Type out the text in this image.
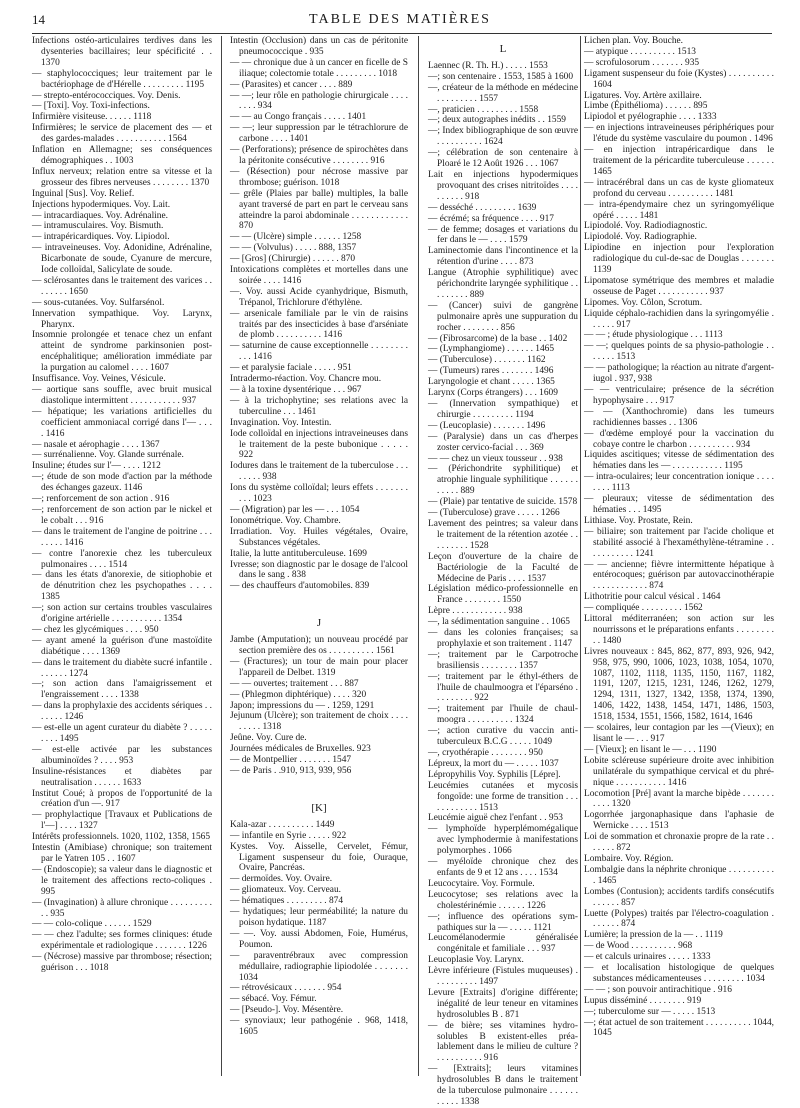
14	TABLE DES MATIÈRES

Infections ostéo-articulaires terdives dans les dysenteries bacillaires; leur spécificité . . 1370

— staphylococciques; leur traitement par le bactériophage de d'Hérelle . . . . . . . . . 1195

— strepto-entérococciques. Voy. Denis.

— [Toxi]. Voy. Toxi-infections.

Infirmière visiteuse. . . . . . 1118

Infirmières; le service de placement des — et des gardes-malades . . . . . . . . . . . 1564

Inflation en Allemagne; ses conséquences démographiques . . 1003

Influx nerveux; relation entre sa vitesse et la grosseur des fibres nerveuses . . . . . . . . 1370

Inguinal [Sus]. Voy. Relief.

Injections hypodermiques. Voy. Lait.

— intracardiaques. Voy. Adrénaline.

— intramusculaires. Voy. Bismuth.

— intrapéricardiques. Voy. Lipiodol.

— intraveineuses. Voy. Adonidine, Adrénaline, Bicarbonate de soude, Cyanure de mercure, Iode colloïdal, Salicylate de soude.

— sclérosantes dans le traitement des varices . . . . . . . . 1650

— sous-cutanées. Voy. Sulfarsénol.

Innervation sympathique. Voy. Larynx, Pharynx.

Insomnie prolongée et tenace chez un enfant atteint de syndrome parkinsonien post-encéphalitique; amélioration immédiate par la purgation au calomel . . . . 1607

Insuffisance. Voy. Veines, Vésicule.

— aortique sans souffle, avec bruit musical diastolique intermittent . . . . . . . . . . . 937

— hépatique; les variations artificielles du coefficient ammoniacal corrigé dans l'— . . . . 1416

— nasale et aérophagie . . . . 1367

— surrénalienne. Voy. Glande surrénale.

Insuline; études sur l'— . . . . 1212

—; étude de son mode d'action par la méthode des échanges gazeux. 1146

—; renforcement de son action . 916

—; renforcement de son action par le nickel et le cobalt . . . 916

— dans le traitement de l'angine de poitrine . . . . . . . . 1416

— contre l'anorexie chez les tuberculeux pulmonaires . . . . 1514

— dans les états d'anorexie, de sitiophobie et de dénutrition chez les psychopathes . . . . 1385

—; son action sur certains troubles vasculaires d'origine artérielle . . . . . . . . . . . 1354

— chez les glycémiques . . . . 950

— ayant amené la guérison d'une mastoïdite diabétique . . . . 1369

— dans le traitement du diabète sucré infantile . . . . . . . 1274

—; son action dans l'amaigrissement et l'engraissement . . . . 1338

— dans la prophylaxie des accidents sériques . . . . . . . 1246

— est-elle un agent curateur du diabète ? . . . . . . . . . 1495

— est-elle activée par les substances albuminoïdes ? . . . . 953

Insuline-résistances et diabètes par neutralisation . . . . . . 1633

Institut Coué; à propos de l'opportunité de la création d'un —. 917

— prophylactique [Travaux et Publications de l'—] . . . . 1327

Intérêts professionnels. 1020, 1102, 1358, 1565

Intestin (Amibiase) chronique; son traitement par le Yatren 105 . . 1607

— (Endoscopie); sa valeur dans le diagnostic et le traitement des affections recto-coliques . 995

— (Invagination) à allure chronique . . . . . . . . . . . 935

— — colo-colique . . . . . . 1529

— — chez l'adulte; ses formes cliniques: étude expérimentale et radiologique . . . . . . . 1226

— (Nécrose) massive par thrombose; résection; guérison . . . 1018

Intestin (Occlusion) dans un cas de péritonite pneumococcique . 935

— — chronique due à un cancer en ficelle de S iliaque; colectomie totale . . . . . . . . . 1018

— (Parasites) et cancer . . . . 889

— —; leur rôle en pathologie chirurgicale . . . . . . . . 934

— — au Congo français . . . . . 1401

— —; leur suppression par le tétrachlorure de carbone . . . . 1401

— (Perforations); présence de spirochètes dans la péritonite consécutive . . . . . . . . 916

— (Résection) pour nécrose massive par thrombose; guérison. 1018

— grêle (Plaies par balle) multiples, la balle ayant traversé de part en part le cerveau sans atteindre la paroi abdominale . . . . . . . . . . . . 870

— — (Ulcère) simple . . . . . . 1258

— — (Volvulus) . . . . . 888, 1357

— [Gros] (Chirurgie) . . . . . . 870

Intoxications complètes et mortelles dans une soirée . . . . 1416

—. Voy. aussi Acide cyanhydrique, Bismuth, Trépanol, Trichlorure d'éthylène.

— arsenicale familiale par le vin de raisins traités par des insecticides à base d'arséniate de plomb . . . . . . . . . . 1416

— saturnine de cause exceptionnelle . . . . . . . . . . . 1416

— et paralysie faciale . . . . . 951

Intradermo-réaction. Voy. Chancre mou.

— à la toxine dysentérique . . . 967

— à la trichophytine; ses relations avec la tuberculine . . . 1461

Invagination. Voy. Intestin.

Iode colloïdal en injections intraveineuses dans le traitement de la peste bubonique . . . . . 922

Iodures dans le traitement de la tuberculose . . . . . . . . 938

Ions du système colloïdal; leurs effets . . . . . . . . . . 1023

— (Migration) par les — . . . 1054

Ionométrique. Voy. Chambre.

Irradiation. Voy. Huiles végétales, Ovaire, Substances végétales.

Italie, la lutte antituberculeuse. 1699

Ivresse; son diagnostic par le dosage de l'alcool dans le sang . 838

— des chauffeurs d'automobiles. 839

J

Jambe (Amputation); un nouveau procédé par section première des os . . . . . . . . . . 1561

— (Fractures); un tour de main pour placer l'appareil de Delbet. 1319

— — ouvertes; traitement . . . 887

— (Phlegmon diphtérique) . . . . 320

Japon; impressions du — . 1259, 1291

Jejunum (Ulcère); son traitement de choix . . . . . . . . . 1318

Jeûne. Voy. Cure de.

Journées médicales de Bruxelles. 923

— de Montpellier . . . . . . . 1547

— de Paris . .910, 913, 939, 956

[K]

Kala-azar . . . . . . . . . . 1449

— infantile en Syrie . . . . . 922

Kystes. Voy. Aisselle, Cervelet, Fémur, Ligament suspenseur du foie, Ouraque, Ovaire, Pancréas.

— dermoïdes. Voy. Ovaire.

— gliomateux. Voy. Cerveau.

— hématiques . . . . . . . . . 874

— hydatiques; leur perméabilité; la nature du poison hydatique. 1187

— —. Voy. aussi Abdomen, Foie, Humérus, Poumon.

— paraventrébraux avec compression médullaire, radiographie lipiodolée . . . . . . . 1034

— rétrovésicaux . . . . . . . 954

— sébacé. Voy. Fémur.

— [Pseudo-]. Voy. Mésentère.

— synoviaux; leur pathogénie . 968, 1418, 1605

L

Laennec (R. Th. H.) . . . . . 1553

—; son centenaire . 1553, 1585 à 1600

—, créateur de la méthode en médecine . . . . . . . . . 1557

—, praticien . . . . . . . . . 1558

—; deux autographes inédits . . 1559

—; Index bibliographique de son œuvre . . . . . . . . . . 1624

—; célébration de son centenaire à Ploaré le 12 Août 1926 . . . 1067

Lait en injections hypodermiques provoquant des crises nitritoïdes . . . . . . . . . . 918

— desséché . . . . . . . . . 1639

— écrémé; sa fréquence . . . . 917

— de femme; dosages et variations du fer dans le — . . . . 1579

Laminectomie dans l'incontinence et la rétention d'urine . . . . 873

Langue (Atrophie syphilitique) avec périchondrite laryngée syphilitique . . . . . . . . . 889

— (Cancer) suivi de gangrène pulmonaire après une suppuration du rocher . . . . . . . . 856

— (Fibrosarcome) de la base . . 1402

— (Lymphangiome) . . . . . . 1465

— (Tuberculose) . . . . . . . 1162

— (Tumeurs) rares . . . . . . . 1496

Laryngologie et chant . . . . . 1365

Larynx (Corps étrangers) . . . 1609

— (Innervation sympathique) et chirurgie . . . . . . . . . 1194

— (Leucoplasie) . . . . . . . 1496

— (Paralysie) dans un cas d'herpes zoster cervico-facial . . . 369

— — chez un vieux tousseur . . 938

— (Périchondrite syphilitique) et atrophie linguale syphilitique . . . . . . . . . . . 889

— (Plaie) par tentative de suicide. 1578

— (Tuberculose) grave . . . . . 1266

Lavement des peintres; sa valeur dans le traitement de la rétention azotée . . . . . . . . . 1528

Leçon d'ouverture de la chaire de Bactériologie de la Faculté de Médecine de Paris . . . . 1537

Législation médico-professionnelle en France . . . . . . . . 1550

Lèpre . . . . . . . . . . . . 938

—, la sédimentation sanguine . . 1065

— dans les colonies françaises; sa prophylaxie et son traitement . 1147

—; traitement par le Carpotroche brasiliensis . . . . . . . . 1357

—; traitement par le éthyl-éthers de l'huile de chaulmoogra et l'éparséno . . . . . . . . . 922

—; traitement par l'huile de chaulmoogra . . . . . . . . . . 1324

—; action curative du vaccin antituberculeux B.C.G . . . . . 1049

—, cryothérapie . . . . . . . . 950

Lépreux, la mort du — . . . . . 1037

Lépropyhilis Voy. Syphilis [Lépre].

Leucémies cutanées et mycosis fongoïde: une forme de transition . . . . . . . . . . . . 1513

Leucémie aiguë chez l'enfant . . 953

— lymphoïde hyperplémomégalique avec lymphodermie à manifestations polymorphes . 1066

— myéloïde chronique chez des enfants de 9 et 12 ans . . . . 1534

Leucocytaire. Voy. Formule.

Leucocytose; ses relations avec la cholestérinémie . . . . . . 1226

—; influence des opérations sympathiques sur la — . . . . . 1121

Leucomélanodermie généralisée congénitale et familiale . . . 937

Leucoplasie Voy. Larynx.

Lèvre inférieure (Fistules muqueuses) . . . . . . . . . . 1497

Levure [Extraits] d'origine différente; inégalité de leur teneur en vitamines hydrosolubles B . 871

— de bière; ses vitamines hydrosolubles B existent-elles préalablement dans le milieu de culture ? . . . . . . . . . . 916

— [Extraits]; leurs vitamines hydrosolubles B dans le traitement de la tuberculose pulmonaire . . . . . . . . . . . 1338

Lichen plan. Voy. Bouche.

— atypique . . . . . . . . . . 1513

— scrofulosorum . . . . . . . 935

Ligament suspenseur du foie (Kystes) . . . . . . . . . . 1604

Ligatures. Voy. Artère axillaire.

Limbe (Épithélioma) . . . . . . 895

Lipiodol et pyélographie . . . . 1333

— en injections intraveineuses périphériques pour l'étude du système vasculaire du poumon . 1496

— en injection intrapéricardique dans le traitement de la péricardite tuberculeuse . . . . . . 1465

— intracérébral dans un cas de kyste gliomateux profond du cerveau . . . . . . . . . . 1481

— intra-épendymaire chez un syringomyélique opéré . . . . . 1481

Lipiodolé. Voy. Radiodiagnostic.

Lipiodolé. Voy. Radiographie.

Lipiodine en injection pour l'exploration radiologique du cul-de-sac de Douglas . . . . . . . 1139

Lipomatose symétrique des membres et maladie osseuse de Paget . . . . . . . . . . . 937

Lipomes. Voy. Côlon, Scrotum.

Liquide céphalo-rachidien dans la syringomyélie . . . . . . 917

— — ; étude physiologique . . . 1113

— —; quelques points de sa physio-pathologie . . . . . . . 1513

— — pathologique; la réaction au nitrate d'argent-iugol . 937, 938

— — ventriculaire; présence de la sécrétion hypophysaire . . . 917

— — (Xanthochromie) dans les tumeurs rachidiennes basses . . 1306

— d'œdème employé pour la vaccination du cobaye contre le charbon . . . . . . . . . . 934

Liquides ascitiques; vitesse de sédimentation des hématies dans les — . . . . . . . . . . . 1195

— intra-oculaires; leur concentration ionique . . . . . . . . 1113

— pleuraux; vitesse de sédimentation des hématies . . . 1495

Lithiase. Voy. Prostate, Rein.

— biliaire; son traitement par l'acide cholique et stabilité associé à l'hexaméthylène-tétramine . . . . . . . . . . . 1241

— — ancienne; fièvre intermittente hépatique à entérocoques; guérison par autovaccinothérapie . . . . . . . . . . . . 874

Lithotritie pour calcul vésical . 1464

— compliquée . . . . . . . . . 1562

Littoral méditerranéen; son action sur les nourrissons et le préparations enfants . . . . . . . . . . 1480

Livres nouveaux : 845, 862, 877, 893, 926, 942, 958, 975, 990, 1006, 1023, 1038, 1054, 1070, 1087, 1102, 1118, 1135, 1150, 1167, 1182, 1191, 1207, 1215, 1231, 1246, 1262, 1279, 1294, 1311, 1327, 1342, 1358, 1374, 1390, 1406, 1422, 1438, 1454, 1471, 1486, 1503, 1518, 1534, 1551, 1566, 1582, 1614, 1646

— scolaires, leur contagion par les —(Vieux); en lisant le — . . . 917

— [Vieux]; en lisant le — . . . 1190

Lobite scléreuse supérieure droite avec inhibition unilatérale du sympathique cervical et du phrénique . . . . . . . . . . . 1416

Locomotion [Pré] avant la marche bipède . . . . . . . . . . . 1320

Logorrhée jargonaphasique dans l'aphasie de Wernicke . . . . 1513

Loi de sommation et chronaxie propre de la rate . . . . . . . 872

Lombaire. Voy. Région.

Lombalgie dans la néphrite chronique . . . . . . . . . . . 1465

Lombes (Contusion); accidents tardifs consécutifs . . . . . . 857

Luette (Polypes) traités par l'électro-coagulation . . . . . . . 874

Lumière; la pression de la — . . 1119

— de Wood . . . . . . . . . . 968

— et calculs urinaires . . . . . 1333

— et localisation histologique de quelques substances médicamenteuses . . . . . . . . . 1034

— — ; son pouvoir antirachitique . 916

Lupus disséminé . . . . . . . . 919

—; tuberculome sur — . . . . . 1513

—; état actuel de son traitement . . . . . . . . . . 1044, 1045
